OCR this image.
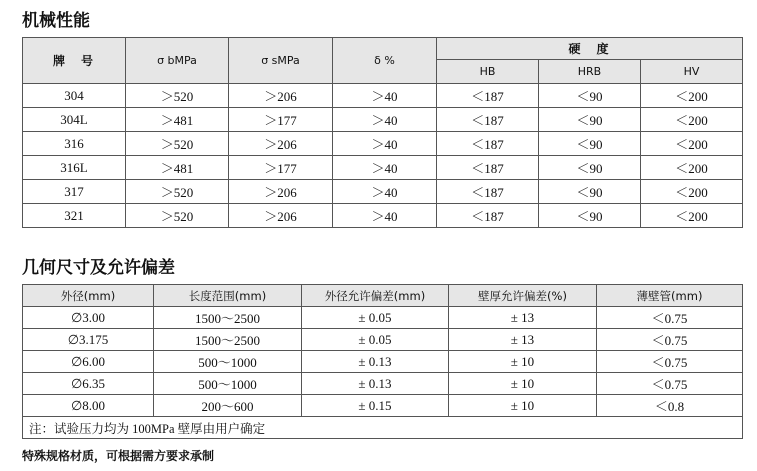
机械性能
牌　号	σ bMPa	σ sMPa	δ %	硬　度		
				HB	HRB	HV
304	＞520	＞206	＞40	＜187	＜90	＜200
304L	＞481	＞177	＞40	＜187	＜90	＜200
316	＞520	＞206	＞40	＜187	＜90	＜200
316L	＞481	＞177	＞40	＜187	＜90	＜200
317	＞520	＞206	＞40	＜187	＜90	＜200
321	＞520	＞206	＞40	＜187	＜90	＜200
几何尺寸及允许偏差
外径(mm)	长度范围(mm)	外径允许偏差(mm)	壁厚允许偏差(%)	薄壁管(mm)
∅3.00	1500～2500	± 0.05	± 13	＜0.75
∅3.175	1500～2500	± 0.05	± 13	＜0.75
∅6.00	500～1000	± 0.13	± 10	＜0.75
∅6.35	500～1000	± 0.13	± 10	＜0.75
∅8.00	200～600	± 0.15	± 10	＜0.8
注：试验压力均为 100MPa 壁厚由用户确定				
特殊规格材质，可根据需方要求承制
